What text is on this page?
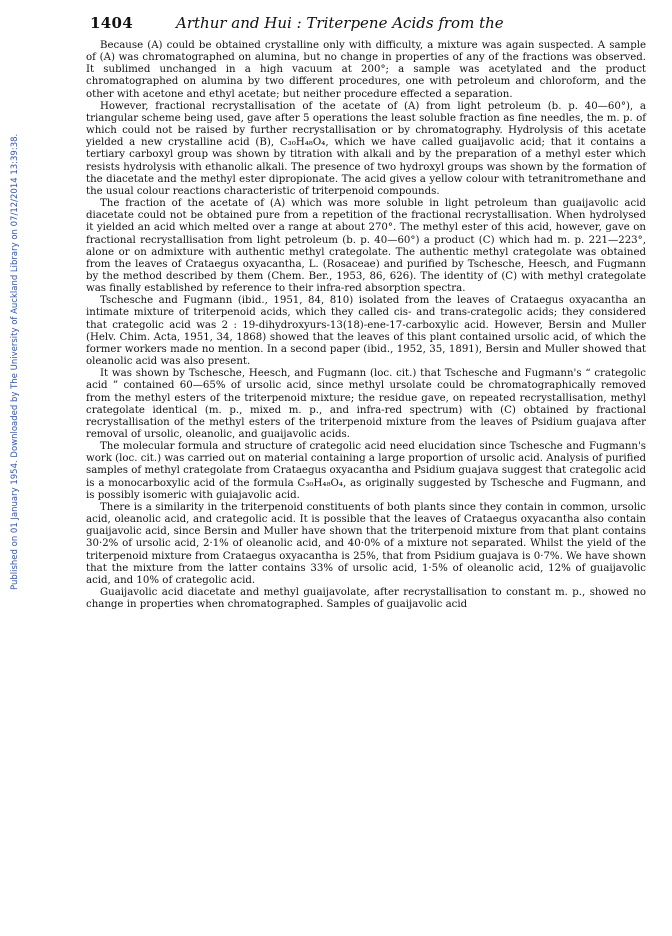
Published on 01 January 1954. Downloaded by The University of Auckland Library on 07/12/2014 13:39:38.
1404	Arthur and Hui : Triterpene Acids from the

Because (A) could be obtained crystalline only with difficulty, a mixture was again suspected. A sample of (A) was chromatographed on alumina, but no change in properties of any of the fractions was observed. It sublimed unchanged in a high vacuum at 200°; a sample was acetylated and the product chromatographed on alumina by two different procedures, one with petroleum and chloroform, and the other with acetone and ethyl acetate; but neither procedure effected a separation.

However, fractional recrystallisation of the acetate of (A) from light petroleum (b. p. 40—60°), a triangular scheme being used, gave after 5 operations the least soluble fraction as fine needles, the m. p. of which could not be raised by further recrystallisation or by chromatography. Hydrolysis of this acetate yielded a new crystalline acid (B), C₃₀H₄₈O₄, which we have called guaijavolic acid; that it contains a tertiary carboxyl group was shown by titration with alkali and by the preparation of a methyl ester which resists hydrolysis with ethanolic alkali. The presence of two hydroxyl groups was shown by the formation of the diacetate and the methyl ester dipropionate. The acid gives a yellow colour with tetranitromethane and the usual colour reactions characteristic of triterpenoid compounds.

The fraction of the acetate of (A) which was more soluble in light petroleum than guaijavolic acid diacetate could not be obtained pure from a repetition of the fractional recrystallisation. When hydrolysed it yielded an acid which melted over a range at about 270°. The methyl ester of this acid, however, gave on fractional recrystallisation from light petroleum (b. p. 40—60°) a product (C) which had m. p. 221—223°, alone or on admixture with authentic methyl crategolate. The authentic methyl crategolate was obtained from the leaves of Crataegus oxyacantha, L. (Rosaceae) and purified by Tschesche, Heesch, and Fugmann by the method described by them (Chem. Ber., 1953, 86, 626). The identity of (C) with methyl crategolate was finally established by reference to their infra-red absorption spectra.

Tschesche and Fugmann (ibid., 1951, 84, 810) isolated from the leaves of Crataegus oxyacantha an intimate mixture of triterpenoid acids, which they called cis- and trans-crategolic acids; they considered that crategolic acid was 2 : 19-dihydroxyurs-13(18)-ene-17-carboxylic acid. However, Bersin and Muller (Helv. Chim. Acta, 1951, 34, 1868) showed that the leaves of this plant contained ursolic acid, of which the former workers made no mention. In a second paper (ibid., 1952, 35, 1891), Bersin and Muller showed that oleanolic acid was also present.

It was shown by Tschesche, Heesch, and Fugmann (loc. cit.) that Tschesche and Fugmann's “ crategolic acid ” contained 60—65% of ursolic acid, since methyl ursolate could be chromatographically removed from the methyl esters of the triterpenoid mixture; the residue gave, on repeated recrystallisation, methyl crategolate identical (m. p., mixed m. p., and infra-red spectrum) with (C) obtained by fractional recrystallisation of the methyl esters of the triterpenoid mixture from the leaves of Psidium guajava after removal of ursolic, oleanolic, and guaijavolic acids.

The molecular formula and structure of crategolic acid need elucidation since Tschesche and Fugmann's work (loc. cit.) was carried out on material containing a large proportion of ursolic acid. Analysis of purified samples of methyl crategolate from Crataegus oxyacantha and Psidium guajava suggest that crategolic acid is a monocarboxylic acid of the formula C₃₀H₄₈O₄, as originally suggested by Tschesche and Fugmann, and is possibly isomeric with guiajavolic acid.

There is a similarity in the triterpenoid constituents of both plants since they contain in common, ursolic acid, oleanolic acid, and crategolic acid. It is possible that the leaves of Crataegus oxyacantha also contain guaijavolic acid, since Bersin and Muller have shown that the triterpenoid mixture from that plant contains 30·2% of ursolic acid, 2·1% of oleanolic acid, and 40·0% of a mixture not separated. Whilst the yield of the triterpenoid mixture from Crataegus oxyacantha is 25%, that from Psidium guajava is 0·7%. We have shown that the mixture from the latter contains 33% of ursolic acid, 1·5% of oleanolic acid, 12% of guaijavolic acid, and 10% of crategolic acid.

Guaijavolic acid diacetate and methyl guaijavolate, after recrystallisation to constant m. p., showed no change in properties when chromatographed. Samples of guaijavolic acid
